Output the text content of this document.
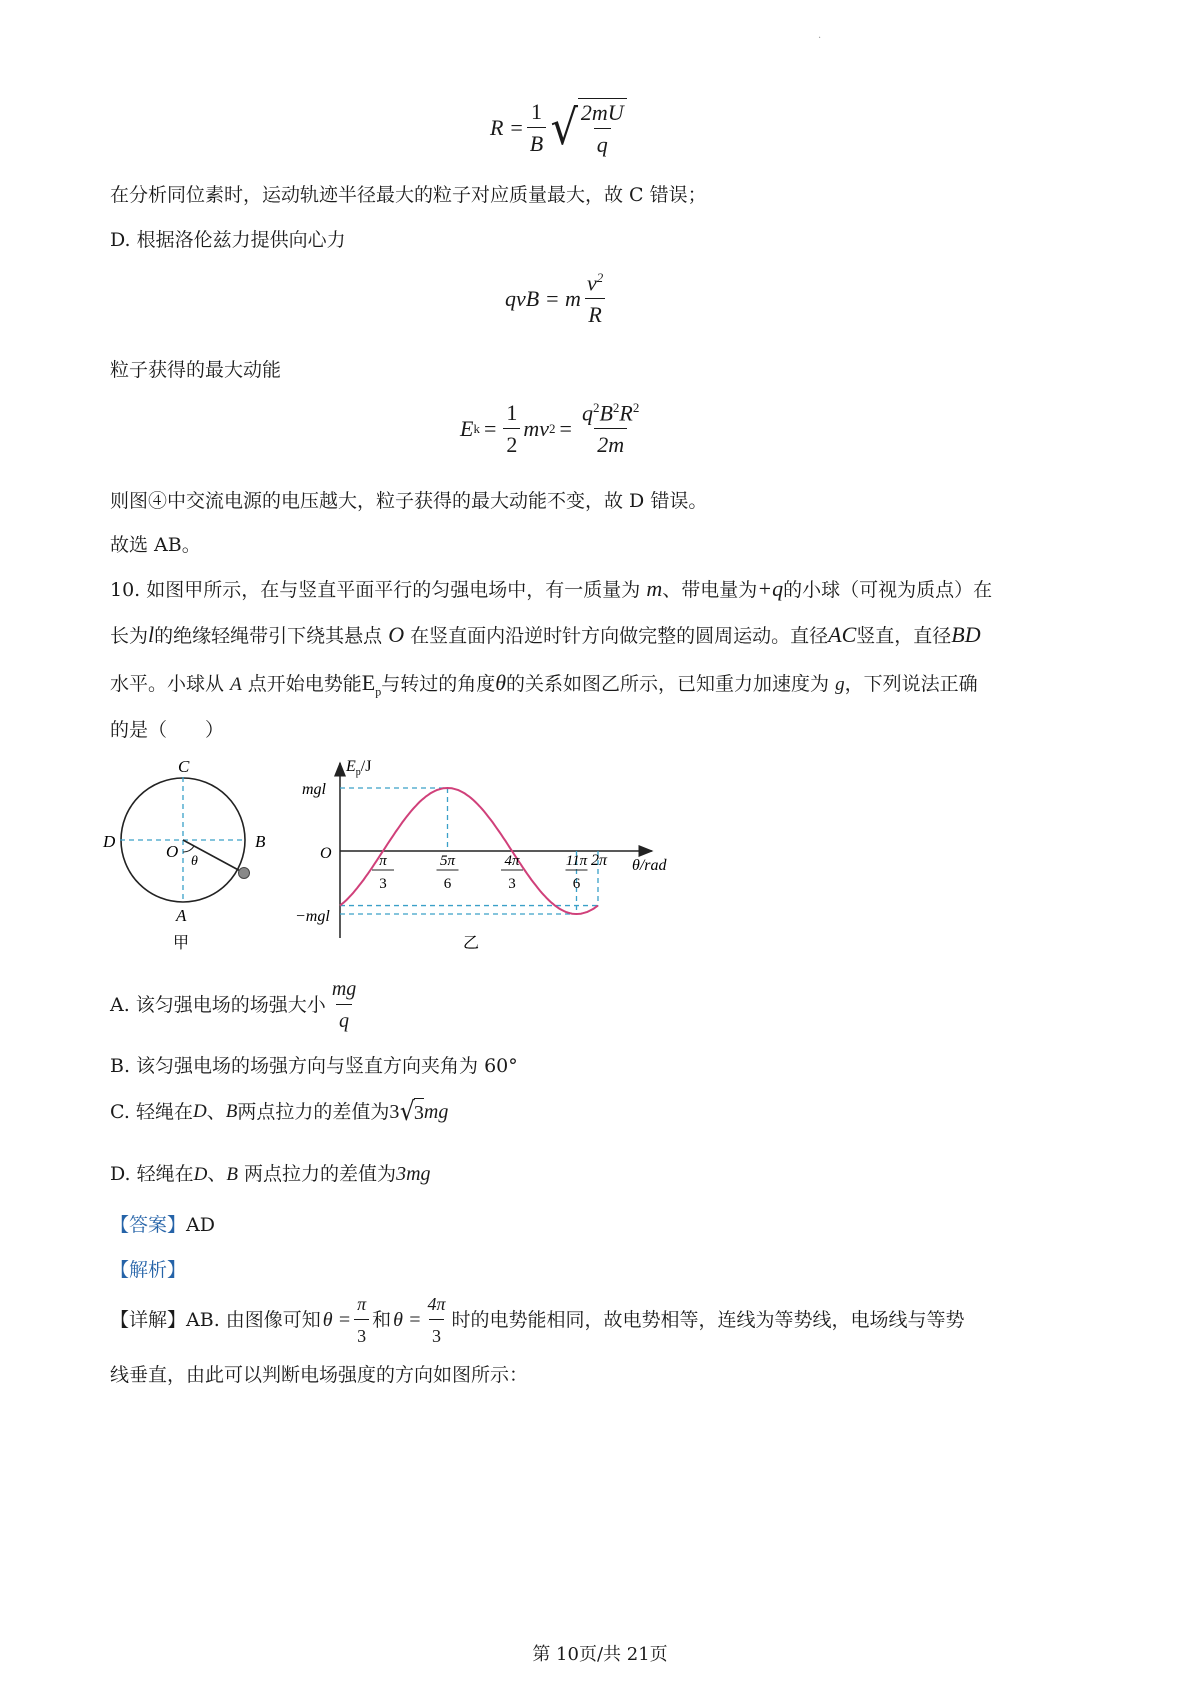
.
$R = \frac{1}{B}$ √ $\frac{2mU}{q}$
在分析同位素时，运动轨迹半径最大的粒子对应质量最大，故 C 错误；
D. 根据洛伦兹力提供向心力
qvB = m $\frac{v^2}{R}$
粒子获得的最大动能
E $k = \frac{1}{2}$ mv $2 = \frac{q^2B^2R^2}{2m}$
则图④中交流电源的电压越大，粒子获得的最大动能不变，故 D 错误。
故选 AB。
10. 如图甲所示，在与竖直平面平行的匀强电场中，有一质量为 m、带电量为+q的小球（可视为质点）在
长为l的绝缘轻绳带引下绕其悬点 O 在竖直面内沿逆时针方向做完整的圆周运动。直径AC竖直，直径BD
水平。小球从 A 点开始电势能$E_p$与转过的角度θ的关系如图乙所示，已知重力加速度为 g，下列说法正确
的是（　　）
C
D	B
A
O
θ
甲
$E_p/J$
mgl
O
−mgl
θ/rad
π
3
5π
6
4π
3
11π
6
2π
乙
A. 该匀强电场的场强大小 $\frac{mg}{q}$
B. 该匀强电场的场强方向与竖直方向夹角为 60°
C. 轻绳在 D 、 B 两点拉力的差值为 3 √
3 mg
D. 轻绳在D、B 两点拉力的差值为3mg
【答案】AD
【解析】
【详解】 AB. 由图像可知 $\theta = \frac{\pi}{3}$ 和 $\theta = \frac{4\pi}{3}$ 时的电势能相同，故电势相等，连线为等势线，电场线与等势
线垂直，由此可以判断电场强度的方向如图所示：
第 10页/共 21页
